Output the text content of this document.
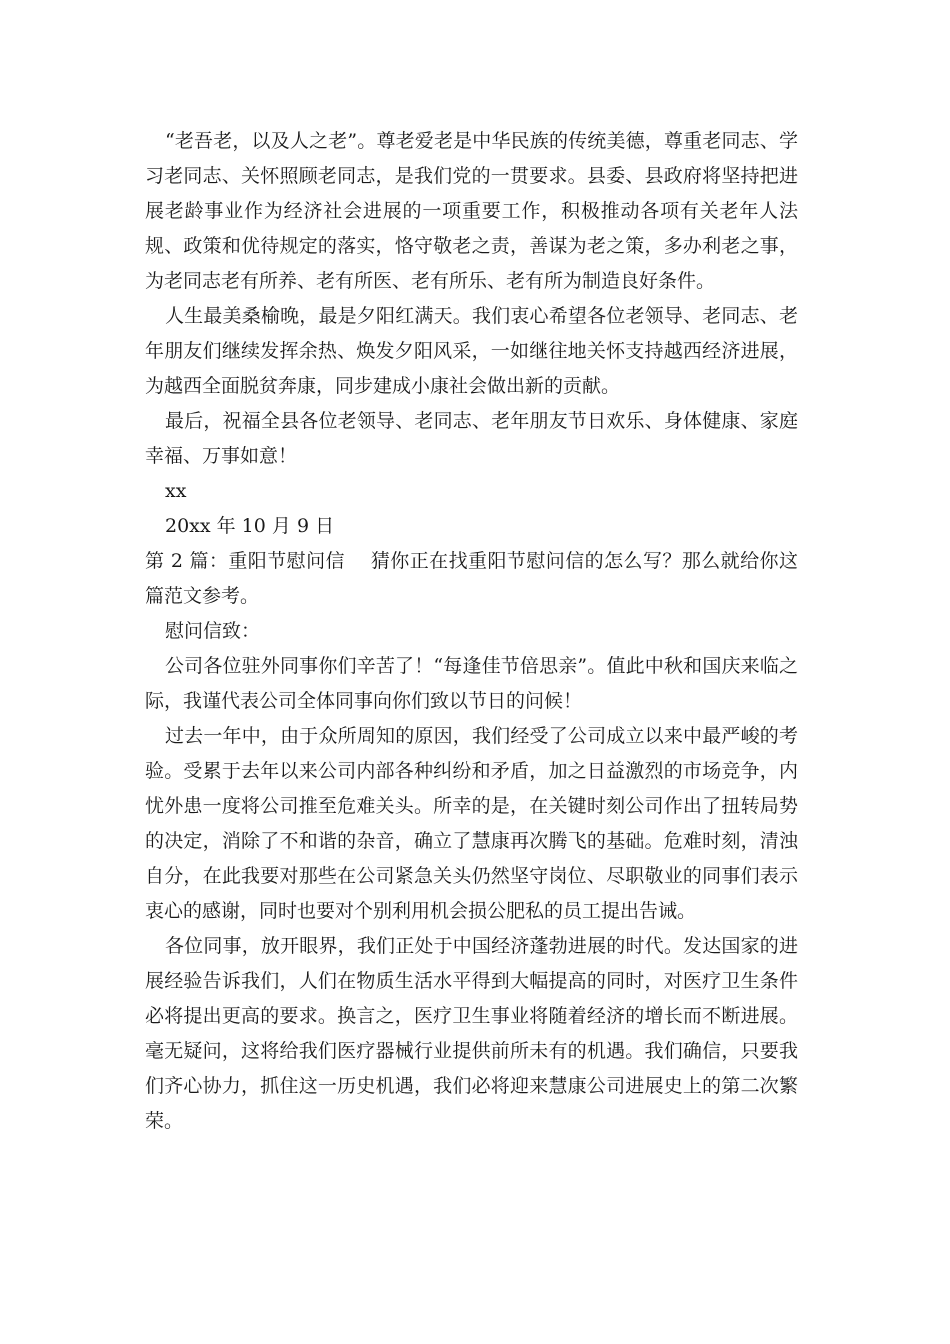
“老吾老，以及人之老”。尊老爱老是中华民族的传统美德，尊重老同志、学习老同志、关怀照顾老同志，是我们党的一贯要求。县委、县政府将坚持把进展老龄事业作为经济社会进展的一项重要工作，积极推动各项有关老年人法规、政策和优待规定的落实，恪守敬老之责，善谋为老之策，多办利老之事，为老同志老有所养、老有所医、老有所乐、老有所为制造良好条件。

人生最美桑榆晚，最是夕阳红满天。我们衷心希望各位老领导、老同志、老年朋友们继续发挥余热、焕发夕阳风采，一如继往地关怀支持越西经济进展，为越西全面脱贫奔康，同步建成小康社会做出新的贡献。

最后，祝福全县各位老领导、老同志、老年朋友节日欢乐、身体健康、家庭幸福、万事如意！

xx

20xx 年 10 月 9 日

第 2 篇：重阳节慰问信　 猜你正在找重阳节慰问信的怎么写？那么就给你这篇范文参考。

慰问信致：

公司各位驻外同事你们辛苦了！“每逢佳节倍思亲”。值此中秋和国庆来临之际，我谨代表公司全体同事向你们致以节日的问候！

过去一年中，由于众所周知的原因，我们经受了公司成立以来中最严峻的考验。受累于去年以来公司内部各种纠纷和矛盾，加之日益激烈的市场竞争，内忧外患一度将公司推至危难关头。所幸的是，在关键时刻公司作出了扭转局势的决定，消除了不和谐的杂音，确立了慧康再次腾飞的基础。危难时刻，清浊自分，在此我要对那些在公司紧急关头仍然坚守岗位、尽职敬业的同事们表示衷心的感谢，同时也要对个别利用机会损公肥私的员工提出告诫。

各位同事，放开眼界，我们正处于中国经济蓬勃进展的时代。发达国家的进展经验告诉我们，人们在物质生活水平得到大幅提高的同时，对医疗卫生条件必将提出更高的要求。换言之，医疗卫生事业将随着经济的增长而不断进展。毫无疑问，这将给我们医疗器械行业提供前所未有的机遇。我们确信，只要我们齐心协力，抓住这一历史机遇，我们必将迎来慧康公司进展史上的第二次繁荣。
